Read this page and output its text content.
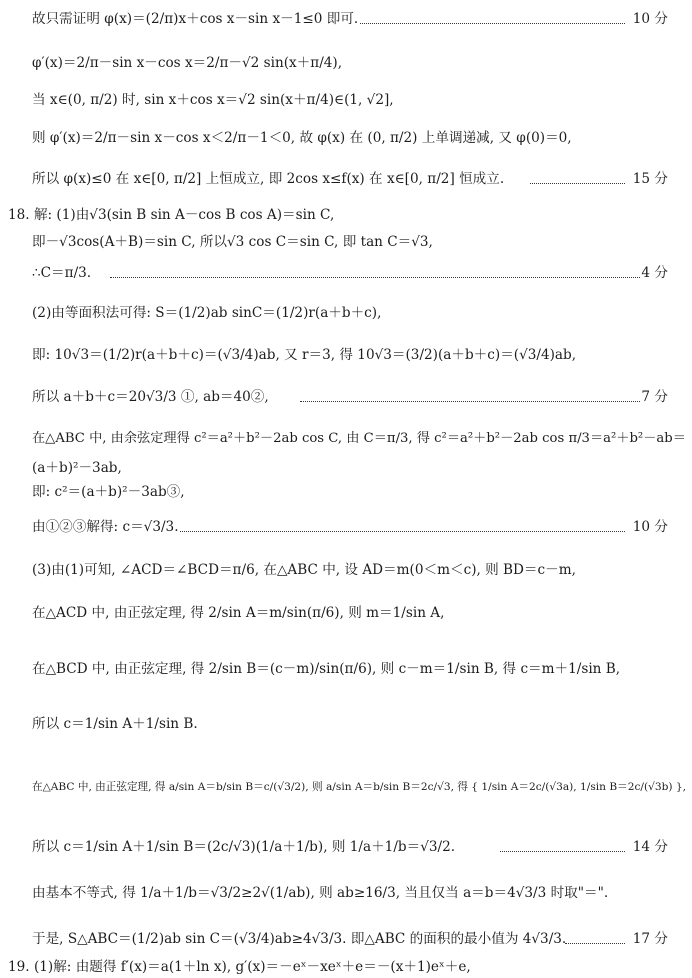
故只需证明 φ(x)＝(2/π)x＋cos x－sin x－1≤0 即可.	10 分
φ′(x)＝2/π－sin x－cos x＝2/π－√2 sin(x＋π/4),
当 x∈(0, π/2) 时, sin x＋cos x＝√2 sin(x＋π/4)∈(1, √2],
则 φ′(x)＝2/π－sin x－cos x＜2/π－1＜0, 故 φ(x) 在 (0, π/2) 上单调递减, 又 φ(0)＝0,
所以 φ(x)≤0 在 x∈[0, π/2] 上恒成立, 即 2cos x≤f(x) 在 x∈[0, π/2] 恒成立.	15 分
18. 解: (1)由√3(sin B sin A－cos B cos A)＝sin C,
即－√3cos(A＋B)＝sin C, 所以√3 cos C＝sin C, 即 tan C＝√3,
∴C＝π/3.	4 分
(2)由等面积法可得: S＝(1/2)ab sinC＝(1/2)r(a＋b＋c),
即: 10√3＝(1/2)r(a＋b＋c)＝(√3/4)ab, 又 r＝3, 得 10√3＝(3/2)(a＋b＋c)＝(√3/4)ab,
所以 a＋b＋c＝20√3/3 ①, ab＝40②,	7 分
在△ABC 中, 由余弦定理得 c²＝a²＋b²－2ab cos C, 由 C＝π/3, 得 c²＝a²＋b²－2ab cos π/3＝a²＋b²－ab＝
(a＋b)²－3ab,
即: c²＝(a＋b)²－3ab③,
由①②③解得: c＝√3/3.	10 分
(3)由(1)可知, ∠ACD＝∠BCD＝π/6, 在△ABC 中, 设 AD＝m(0＜m＜c), 则 BD＝c－m,
在△ACD 中, 由正弦定理, 得 2/sin A＝m/sin(π/6), 则 m＝1/sin A,
在△BCD 中, 由正弦定理, 得 2/sin B＝(c－m)/sin(π/6), 则 c－m＝1/sin B, 得 c＝m＋1/sin B,
所以 c＝1/sin A＋1/sin B.
在△ABC 中, 由正弦定理, 得 a/sin A＝b/sin B＝c/(√3/2), 则 a/sin A＝b/sin B＝2c/√3, 得 { 1/sin A＝2c/(√3a), 1/sin B＝2c/(√3b) },
所以 c＝1/sin A＋1/sin B＝(2c/√3)(1/a＋1/b), 则 1/a＋1/b＝√3/2.	14 分
由基本不等式, 得 1/a＋1/b＝√3/2≥2√(1/ab), 则 ab≥16/3, 当且仅当 a＝b＝4√3/3 时取"＝".
于是, S△ABC＝(1/2)ab sin C＝(√3/4)ab≥4√3/3. 即△ABC 的面积的最小值为 4√3/3.	17 分
19. (1)解: 由题得 f′(x)＝a(1＋ln x), g′(x)＝－eˣ－xeˣ＋e＝－(x＋1)eˣ＋e,
